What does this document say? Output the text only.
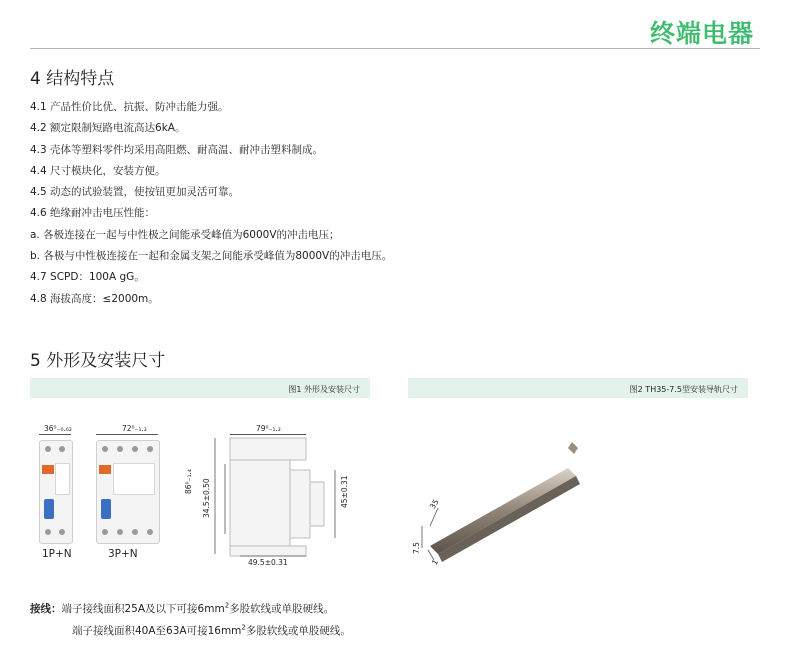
终端电器
4 结构特点
4.1 产品性价比优、抗振、防冲击能力强。
4.2 额定限制短路电流高达6kA。
4.3 壳体等塑料零件均采用高阻燃、耐高温、耐冲击塑料制成。
4.4 尺寸模块化，安装方便。
4.5 动态的试验装置，使按钮更加灵活可靠。
4.6 绝缘耐冲击电压性能：
a. 各极连接在一起与中性极之间能承受峰值为6000V的冲击电压；
b. 各极与中性极连接在一起和金属支架之间能承受峰值为8000V的冲击电压。
4.7 SCPD：100A gG。
4.8 海拔高度：≤2000m。
5 外形及安装尺寸
图1 外形及安装尺寸
36⁰₋₀.₆₂
1P+N
72⁰₋₁.₂
3P+N
79⁰₋₁.₂
86⁰₋₁.₄ 34.5±0.50	45±0.31
49.5±0.31
图2 TH35-7.5型安装导轨尺寸
35
7.5
1
接线：端子接线面积25A及以下可接$6mm^2$多股软线或单股硬线。
端子接线面积40A至63A可接$16mm^2$多股软线或单股硬线。
